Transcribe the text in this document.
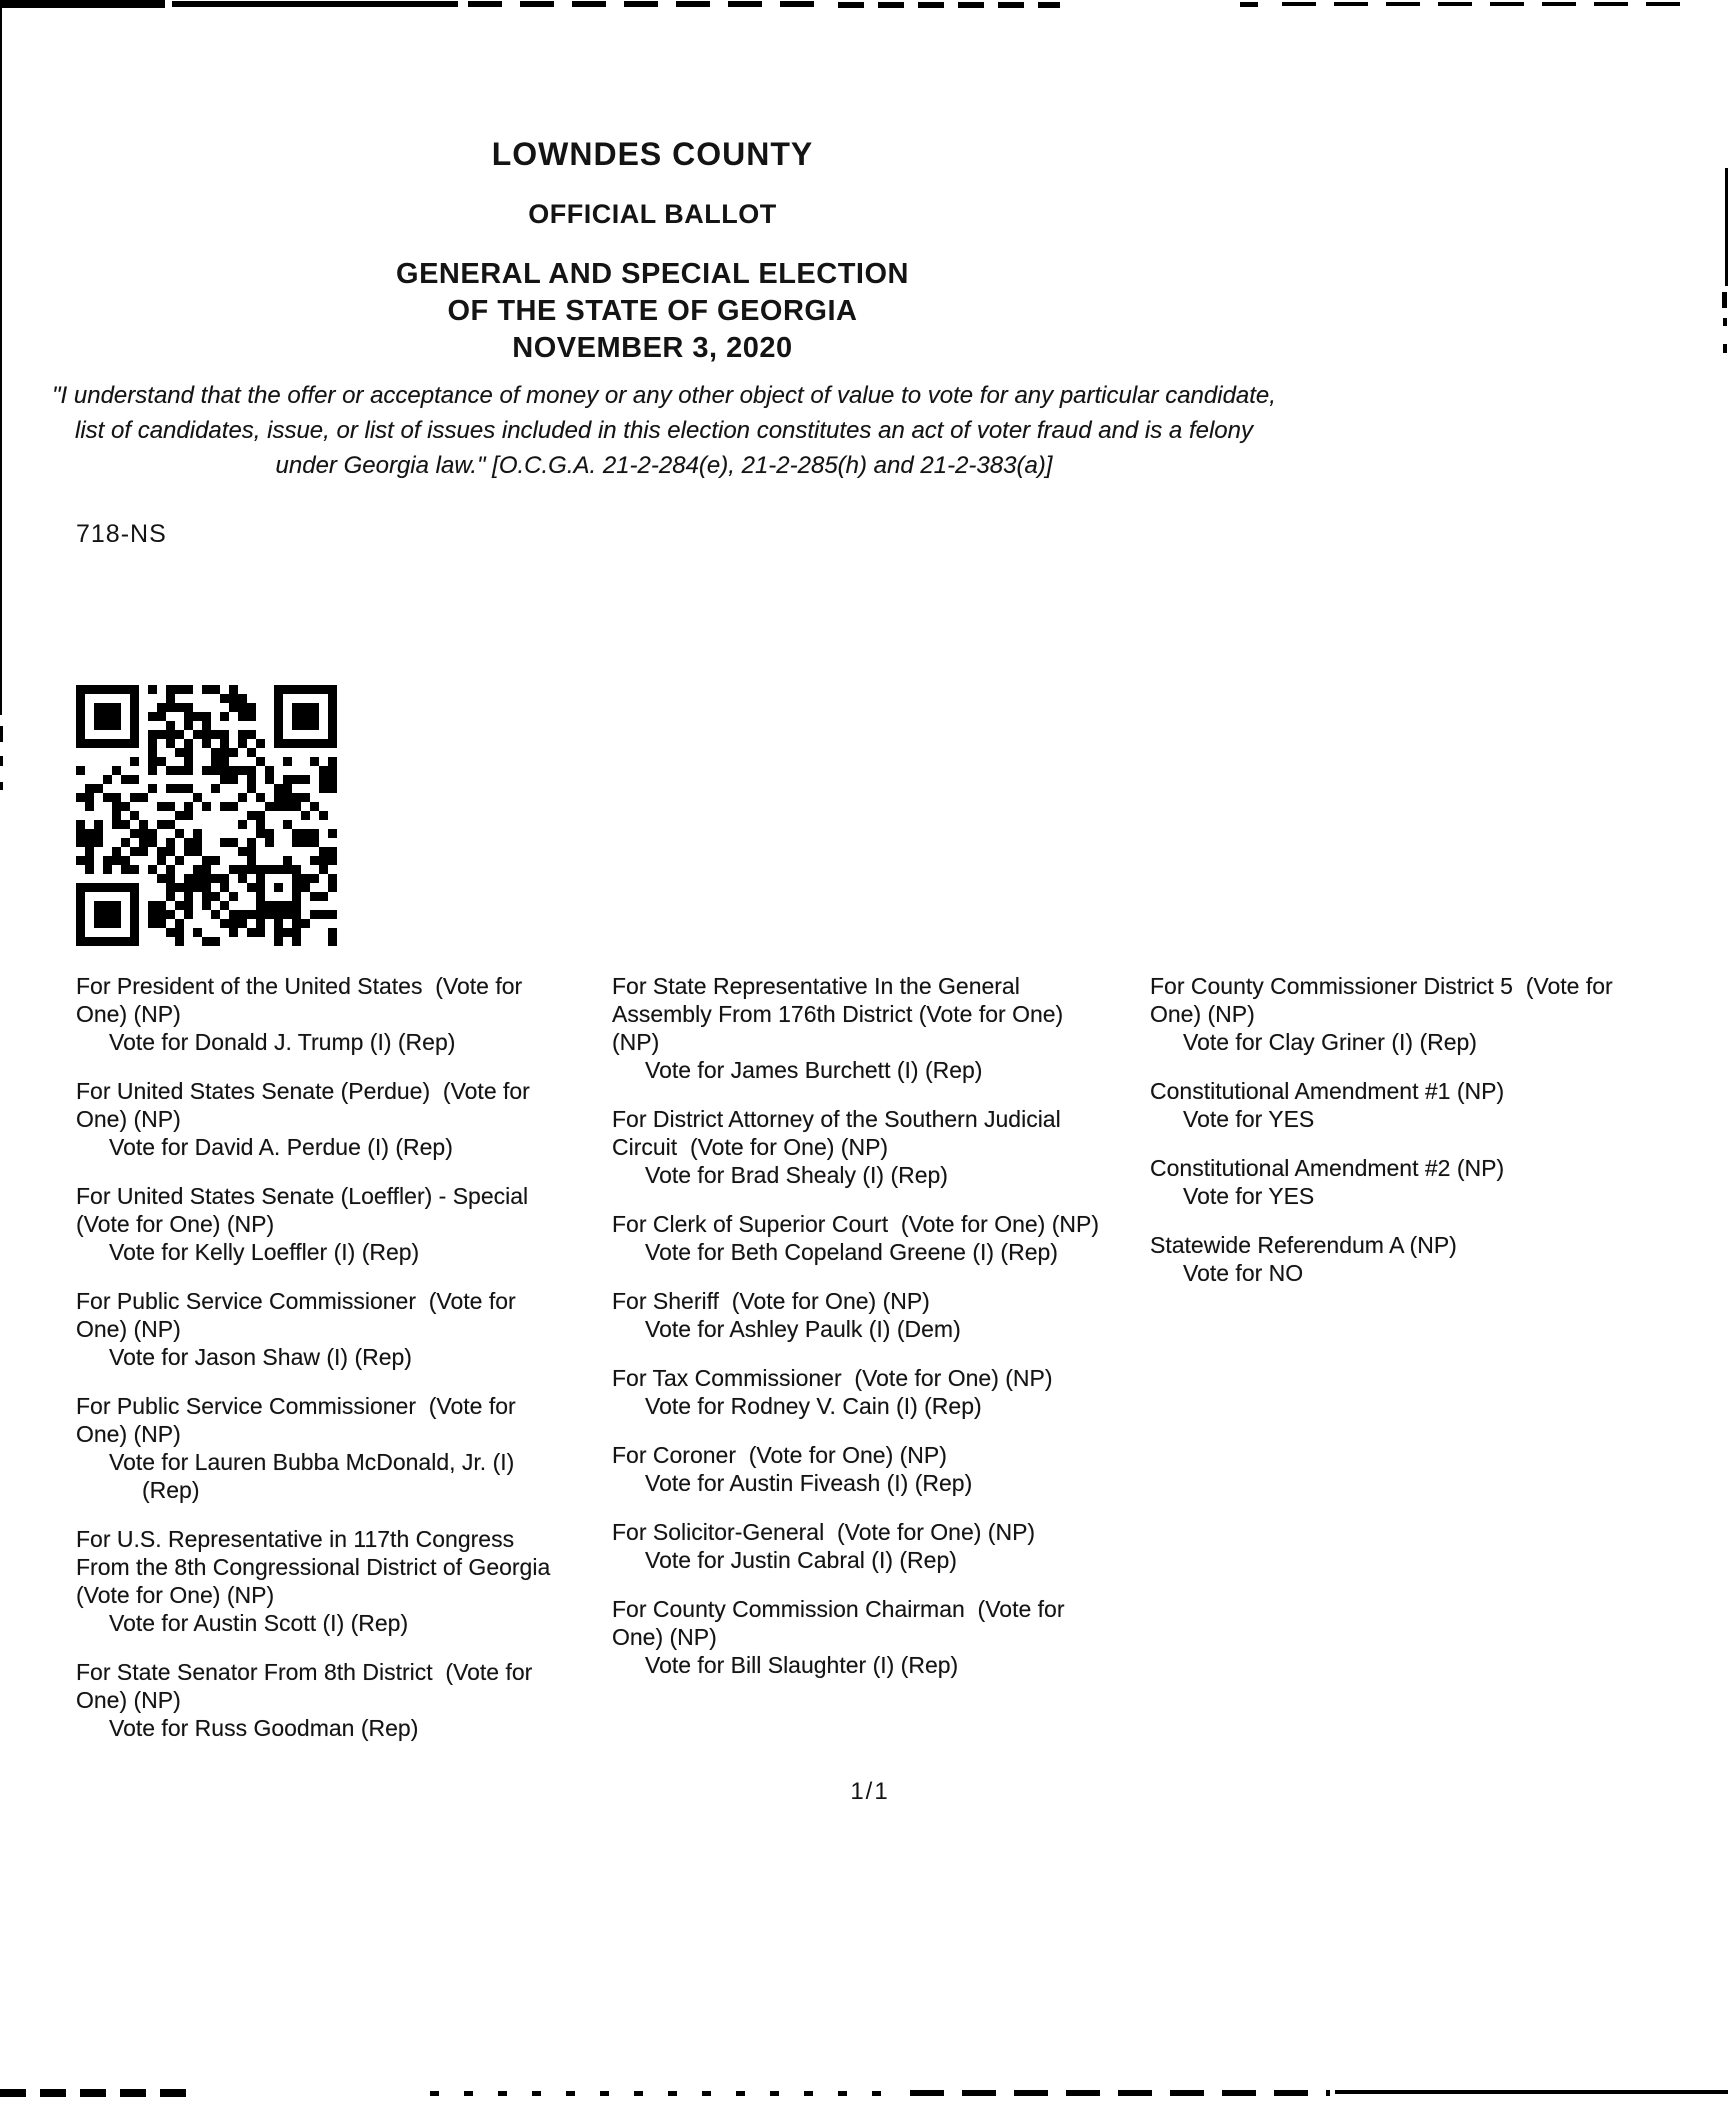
LOWNDES COUNTY
OFFICIAL BALLOT
GENERAL AND SPECIAL ELECTION
OF THE STATE OF GEORGIA
NOVEMBER 3, 2020

"I understand that the offer or acceptance of money or any other object of value to vote for any particular candidate, list of candidates, issue, or list of issues included in this election constitutes an act of voter fraud and is a felony under Georgia law." [O.C.G.A. 21-2-284(e), 21-2-285(h) and 21-2-383(a)]

718-NS
For President of the United States  (Vote for One) (NP)
Vote for Donald J. Trump (I) (Rep)
For United States Senate (Perdue)  (Vote for One) (NP)
Vote for David A. Perdue (I) (Rep)
For United States Senate (Loeffler) - Special  (Vote for One) (NP)
Vote for Kelly Loeffler (I) (Rep)
For Public Service Commissioner  (Vote for One) (NP)
Vote for Jason Shaw (I) (Rep)
For Public Service Commissioner  (Vote for One) (NP)
Vote for Lauren Bubba McDonald, Jr. (I) (Rep)
For U.S. Representative in 117th Congress From the 8th Congressional District of Georgia (Vote for One) (NP)
Vote for Austin Scott (I) (Rep)
For State Senator From 8th District  (Vote for One) (NP)
Vote for Russ Goodman (Rep)
For State Representative In the General Assembly From 176th District (Vote for One) (NP)
Vote for James Burchett (I) (Rep)
For District Attorney of the Southern Judicial Circuit  (Vote for One) (NP)
Vote for Brad Shealy (I) (Rep)
For Clerk of Superior Court  (Vote for One) (NP)
Vote for Beth Copeland Greene (I) (Rep)
For Sheriff  (Vote for One) (NP)
Vote for Ashley Paulk (I) (Dem)
For Tax Commissioner  (Vote for One) (NP)
Vote for Rodney V. Cain (I) (Rep)
For Coroner  (Vote for One) (NP)
Vote for Austin Fiveash (I) (Rep)
For Solicitor-General  (Vote for One) (NP)
Vote for Justin Cabral (I) (Rep)
For County Commission Chairman  (Vote for One) (NP)
Vote for Bill Slaughter (I) (Rep)
For County Commissioner District 5  (Vote for One) (NP)
Vote for Clay Griner (I) (Rep)
Constitutional Amendment #1 (NP)
Vote for YES
Constitutional Amendment #2 (NP)
Vote for YES
Statewide Referendum A (NP)
Vote for NO
1/1
